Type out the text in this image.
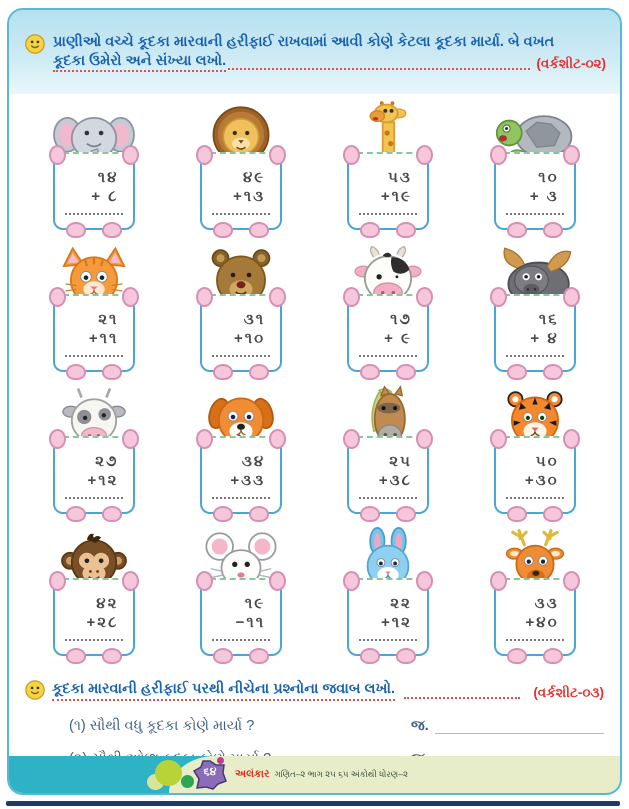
પ્રાણીઓ વચ્ચે કૂદકા મારવાની હરીફાઈ રાખવામાં આવી કોણે કેટલા કૂદકા માર્યા. બે વખત
કૂદકા ઉમેરો અને સંખ્યા લખો.	(વર્કશીટ-૦૨)
૧૪
+ ૮
૪૯
+૧૩
૫૩
+૧૯
૧૦
+ ૩
૨૧
+૧૧
૩૧
+૧૦
૧૭
+ ૯
૧૬
+ ૪
૨૭
+૧૨
૩૪
+૩૩
૨૫
+૩૮
૫૦
+૩૦
૪૨
+૨૮
૧૯
−૧૧
૨૨
+૧૨
૩૩
+૪૦
કૂદકા મારવાની હરીફાઈ પરથી નીચેના પ્રશ્નોના જવાબ લખો.	(વર્કશીટ-૦૩)
(૧) સૌથી વધુ કૂદકા કોણે માર્યા ?	જ.
૬૪	અલંકાર ગણિત–૨ ભાગ ૨૫ ૬૫ અંકોથી ધોરણ–૨
